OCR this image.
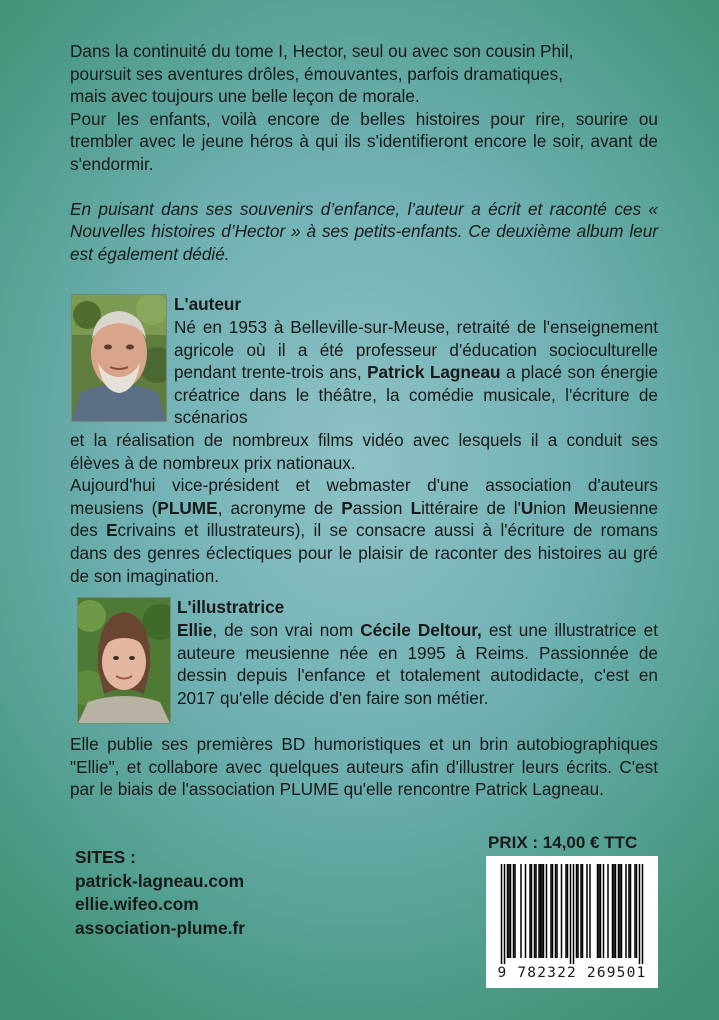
Dans la continuité du tome I, Hector, seul ou avec son cousin Phil,
poursuit ses aventures drôles, émouvantes, parfois dramatiques,
mais avec toujours une belle leçon de morale.

Pour les enfants, voilà encore de belles histoires pour rire, sourire ou trembler avec le jeune héros à qui ils s'identifieront encore le soir, avant de s'endormir.

En puisant dans ses souvenirs d’enfance, l’auteur a écrit et raconté ces « Nouvelles histoires d’Hector » à ses petits-enfants. Ce deuxième album leur est également dédié.

L'auteur
Né en 1953 à Belleville-sur-Meuse, retraité de l'enseignement agricole où il a été professeur d'éducation socioculturelle pendant trente-trois ans, Patrick Lagneau a placé son énergie créatrice dans le théâtre, la comédie musicale, l'écriture de scénarios

et la réalisation de nombreux films vidéo avec lesquels il a conduit ses élèves à de nombreux prix nationaux.

Aujourd'hui vice-président et webmaster d'une association d'auteurs meusiens (PLUME, acronyme de Passion Littéraire de l'Union Meusienne des Ecrivains et illustrateurs), il se consacre aussi à l'écriture de romans dans des genres éclectiques pour le plaisir de raconter des histoires au gré de son imagination.

L'illustratrice
Ellie, de son vrai nom Cécile Deltour, est une illustratrice et auteure meusienne née en 1995 à Reims. Passionnée de dessin depuis l'enfance et totalement autodidacte, c'est en 2017 qu'elle décide d'en faire son métier.

Elle publie ses premières BD humoristiques et un brin autobiographiques "Ellie", et collabore avec quelques auteurs afin d'illustrer leurs écrits. C'est par le biais de l'association PLUME qu'elle rencontre Patrick Lagneau.

SITES :
patrick-lagneau.com
ellie.wifeo.com
association-plume.fr
PRIX : 14,00 € TTC
9 782322 269501
